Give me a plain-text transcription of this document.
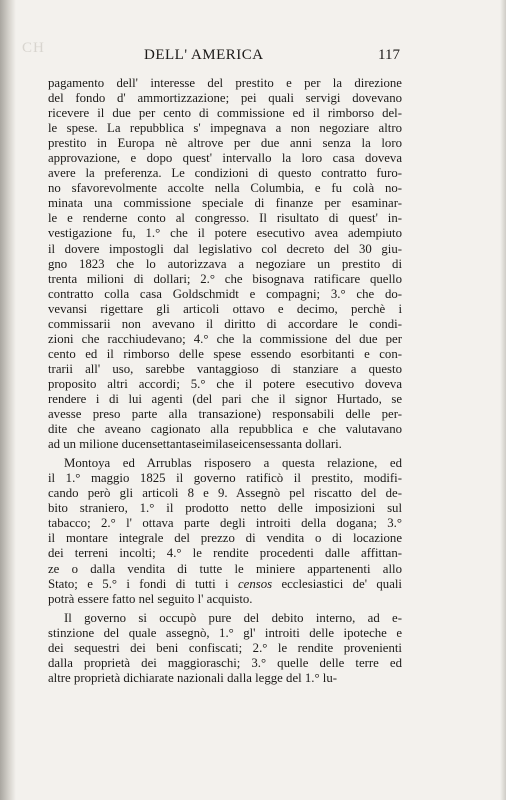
CH	DELL' AMERICA	117
pagamento dell' interesse del prestito e per la direzione
del fondo d' ammortizzazione; pei quali servigi dovevano
ricevere il due per cento di commissione ed il rimborso del-
le spese. La repubblica s' impegnava a non negoziare altro
prestito in Europa nè altrove per due anni senza la loro
approvazione, e dopo quest' intervallo la loro casa doveva
avere la preferenza. Le condizioni di questo contratto furo-
no sfavorevolmente accolte nella Columbia, e fu colà no-
minata una commissione speciale di finanze per esaminar-
le e renderne conto al congresso. Il risultato di quest' in-
vestigazione fu, 1.° che il potere esecutivo avea adempiuto
il dovere impostogli dal legislativo col decreto del 30 giu-
gno 1823 che lo autorizzava a negoziare un prestito di
trenta milioni di dollari; 2.° che bisognava ratificare quello
contratto colla casa Goldschmidt e compagni; 3.° che do-
vevansi rigettare gli articoli ottavo e decimo, perchè i
commissarii non avevano il diritto di accordare le condi-
zioni che racchiudevano; 4.° che la commissione del due per
cento ed il rimborso delle spese essendo esorbitanti e con-
trarii all' uso, sarebbe vantaggioso di stanziare a questo
proposito altri accordi; 5.° che il potere esecutivo doveva
rendere i di lui agenti (del pari che il signor Hurtado, se
avesse preso parte alla transazione) responsabili delle per-
dite che aveano cagionato alla repubblica e che valutavano
ad un milione ducensettantaseimilaseicensessanta dollari.
Montoya ed Arrublas risposero a questa relazione, ed
il 1.° maggio 1825 il governo ratificò il prestito, modifi-
cando però gli articoli 8 e 9. Assegnò pel riscatto del de-
bito straniero, 1.° il prodotto netto delle imposizioni sul
tabacco; 2.° l' ottava parte degli introiti della dogana; 3.°
il montare integrale del prezzo di vendita o di locazione
dei terreni incolti; 4.° le rendite procedenti dalle affittan-
ze o dalla vendita di tutte le miniere appartenenti allo
Stato; e 5.° i fondi di tutti i censos ecclesiastici de' quali
potrà essere fatto nel seguito l' acquisto.
Il governo si occupò pure del debito interno, ad e-
stinzione del quale assegnò, 1.° gl' introiti delle ipoteche e
dei sequestri dei beni confiscati; 2.° le rendite provenienti
dalla proprietà dei maggioraschi; 3.° quelle delle terre ed
altre proprietà dichiarate nazionali dalla legge del 1.° lu-
